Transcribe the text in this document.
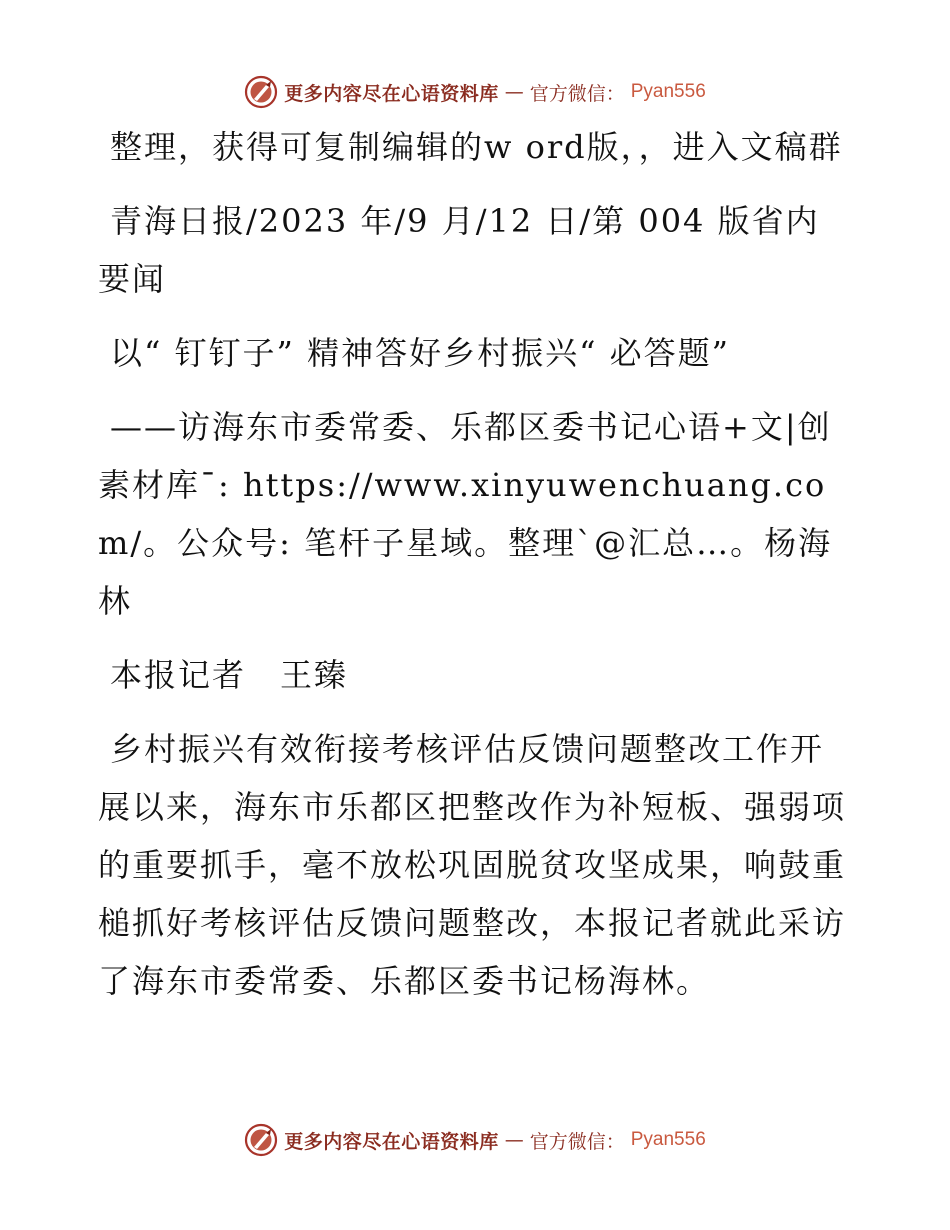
更多内容尽在心语资料库 — 官方微信： Pyan556

整理，获得可复制编辑的w ord版，，进入文稿群

青海日报/2023 年/9 月/12 日/第 004 版省内要闻

以“ 钉钉子” 精神答好乡村振兴“ 必答题”

——访海东市委常委、乐都区委书记心语+文|创素材库¯: https://www.xinyuwenchuang.com/。公众号: 笔杆子星域。整理`@汇总…。杨海林

本报记者　王臻

乡村振兴有效衔接考核评估反馈问题整改工作开展以来，海东市乐都区把整改作为补短板、强弱项的重要抓手，毫不放松巩固脱贫攻坚成果，响鼓重槌抓好考核评估反馈问题整改，本报记者就此采访了海东市委常委、乐都区委书记杨海林。

更多内容尽在心语资料库 — 官方微信： Pyan556
